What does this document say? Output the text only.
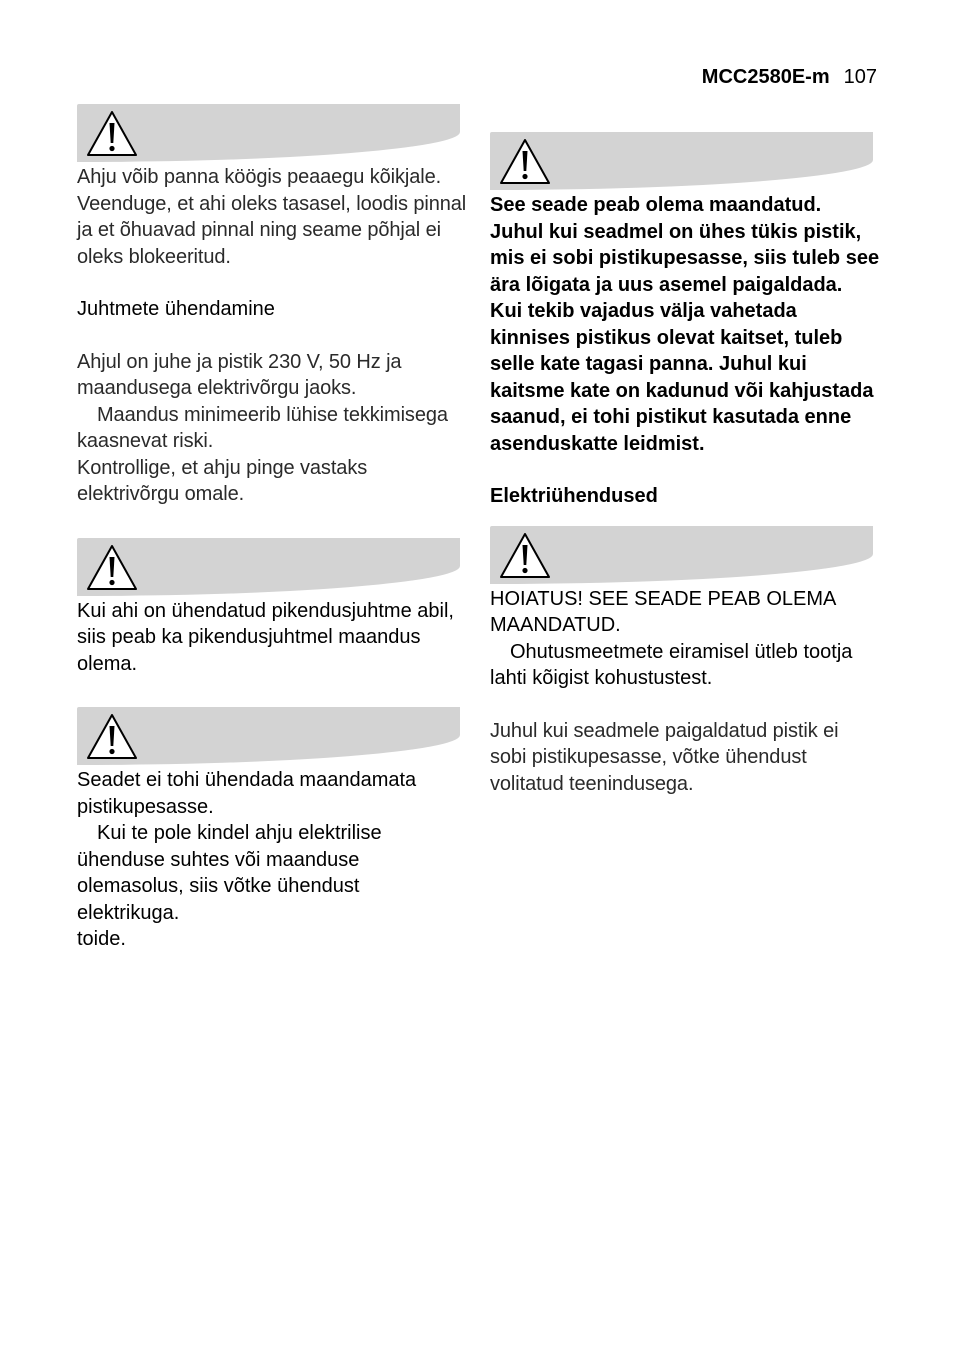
MCC2580E-m 107

Ahju võib panna köögis peaaegu kõikjale. Veenduge, et ahi oleks tasasel, loodis pinnal ja et õhuavad pinnal ning seame põhjal ei oleks blokeeritud.

Juhtmete ühendamine

Ahjul on juhe ja pistik 230 V, 50 Hz ja maandusega elektrivõrgu jaoks.

Maandus minimeerib lühise tekkimisega kaasnevat riski.

Kontrollige, et ahju pinge vastaks elektrivõrgu omale.

Kui ahi on ühendatud pikendusjuhtme abil, siis peab ka pikendusjuhtmel maandus olema.

Seadet ei tohi ühendada maandamata pistikupesasse.

Kui te pole kindel ahju elektrilise ühenduse suhtes või maanduse olemasolus, siis võtke ühendust elektrikuga.

toide.

See seade peab olema maandatud. Juhul kui seadmel on ühes tükis pistik, mis ei sobi pistikupesasse, siis tuleb see ära lõigata ja uus asemel paigaldada. Kui tekib vajadus välja vahetada kinnises pistikus olevat kaitset, tuleb selle kate tagasi panna. Juhul kui kaitsme kate on kadunud või kahjustada saanud, ei tohi pistikut kasutada enne asenduskatte leidmist.

Elektriühendused

HOIATUS! SEE SEADE PEAB OLEMA MAANDATUD.

Ohutusmeetmete eiramisel ütleb tootja lahti kõigist kohustustest.

Juhul kui seadmele paigaldatud pistik ei sobi pistikupesasse, võtke ühendust volitatud teenindusega.
